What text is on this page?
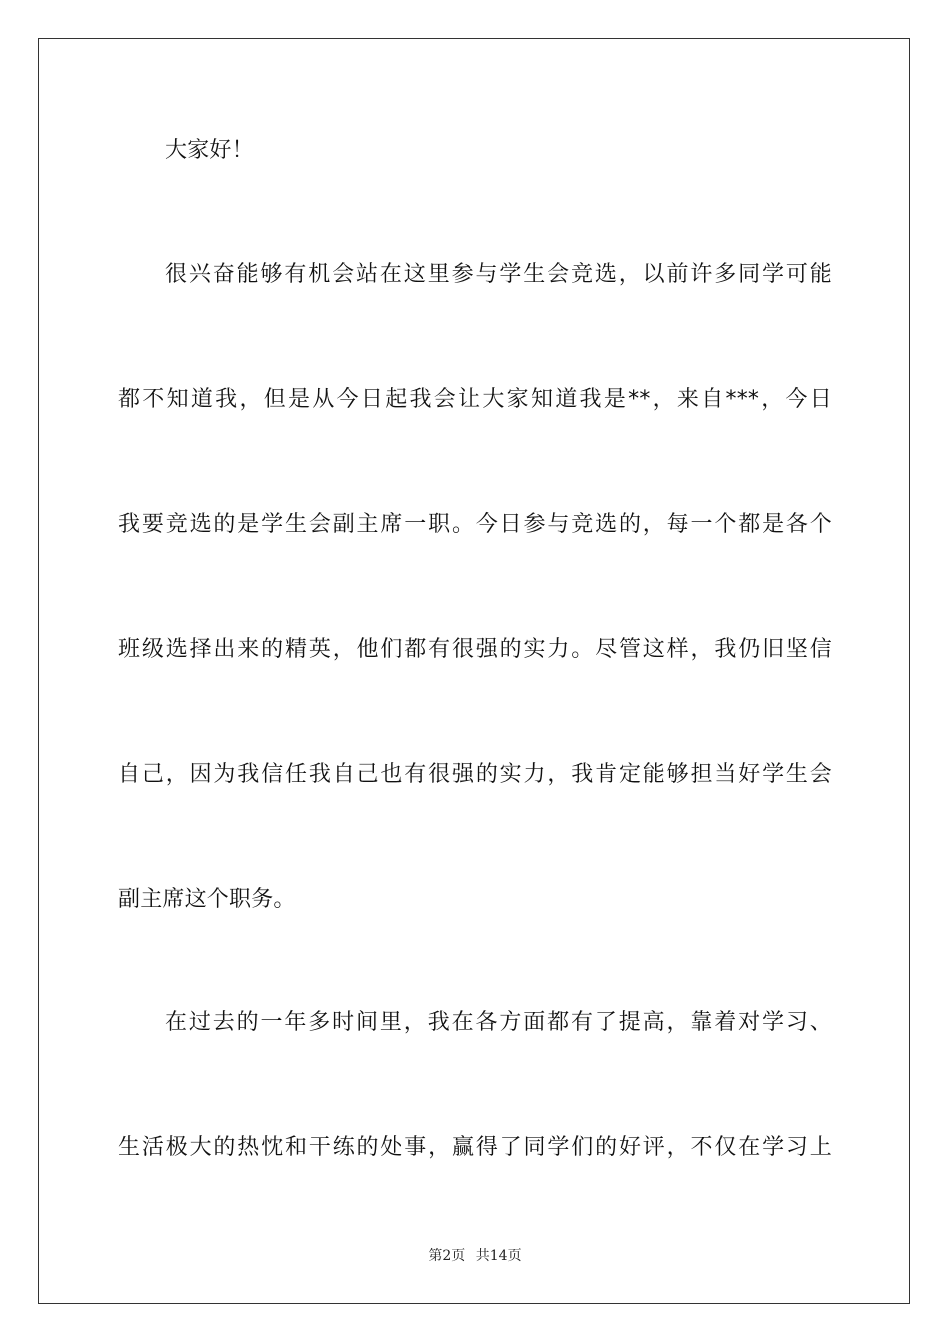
大家好！
很兴奋能够有机会站在这里参与学生会竞选，以前许多同学可能
都不知道我，但是从今日起我会让大家知道我是**，来自***，今日
我要竞选的是学生会副主席一职。今日参与竞选的，每一个都是各个
班级选择出来的精英，他们都有很强的实力。尽管这样，我仍旧坚信
自己，因为我信任我自己也有很强的实力，我肯定能够担当好学生会
副主席这个职务。
在过去的一年多时间里，我在各方面都有了提高，靠着对学习、
生活极大的热忱和干练的处事，赢得了同学们的好评，不仅在学习上
第2页 共14页
